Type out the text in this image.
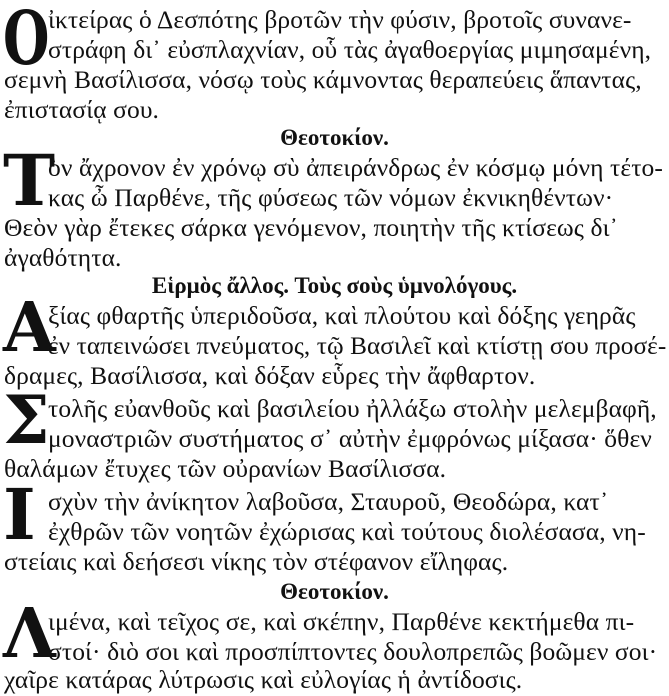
Ο
ἰκτείρας ὁ Δεσπότης βροτῶν τὴν φύσιν, βροτοῖς συνανε-
στράφη δι᾽ εὐσπλαχνίαν, οὗ τὰς ἀγαθοεργίας μιμησαμένη,
σεμνὴ Βασίλισσα, νόσῳ τοὺς κάμνοντας θεραπεύεις ἅπαντας,
ἐπιστασίᾳ σου.
Θεοτοκίον.
Τ
ὸν ἄχρονον ἐν χρόνῳ σὺ ἀπειράνδρως ἐν κόσμῳ μόνη τέτο-
κας ὦ Παρθένε, τῆς φύσεως τῶν νόμων ἐκνικηθέντων·
Θεὸν γὰρ ἔτεκες σάρκα γενόμενον, ποιητὴν τῆς κτίσεως δι᾽
ἀγαθότητα.
Εἱρμὸς ἄλλος. Τοὺς σοὺς ὑμνολόγους.
Α
ξίας φθαρτῆς ὑπεριδοῦσα, καὶ πλούτου καὶ δόξης γεηρᾶς
ἐν ταπεινώσει πνεύματος, τῷ Βασιλεῖ καὶ κτίστῃ σου προσέ-
δραμες, Βασίλισσα, καὶ δόξαν εὗρες τὴν ἄφθαρτον.
Σ
τολῆς εὐανθοῦς καὶ βασιλείου ἠλλάξω στολὴν μελεμβαφῆ,
μοναστριῶν συστήματος σ᾽ αὐτὴν ἐμφρόνως μίξασα· ὅθεν
θαλάμων ἔτυχες τῶν οὐρανίων Βασίλισσα.
Ι σχὺν τὴν ἀνίκητον λαβοῦσα, Σταυροῦ, Θεοδώρα, κατ᾽
ἐχθρῶν τῶν νοητῶν ἐχώρισας καὶ τούτους διολέσασα, νη-
στείαις καὶ δεήσεσι νίκης τὸν στέφανον εἴληφας.
Θεοτοκίον.
Λ
ιμένα, καὶ τεῖχος σε, καὶ σκέπην, Παρθένε κεκτήμεθα πι-
στοί· διὸ σοι καὶ προσπίπτοντες δουλοπρεπῶς βοῶμεν σοι·
χαῖρε κατάρας λύτρωσις καὶ εὐλογίας ἡ ἀντίδοσις.
